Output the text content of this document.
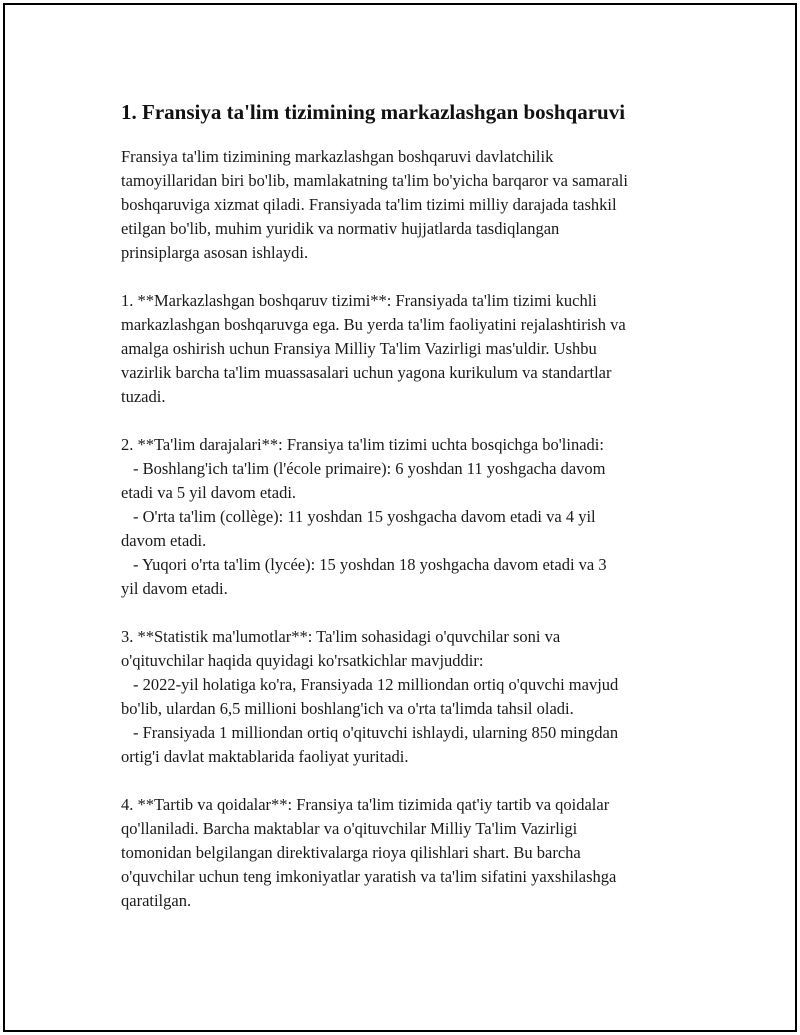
1. Fransiya ta'lim tizimining markazlashgan boshqaruvi

Fransiya ta'lim tizimining markazlashgan boshqaruvi davlatchilik
tamoyillaridan biri bo'lib, mamlakatning ta'lim bo'yicha barqaror va samarali
boshqaruviga xizmat qiladi. Fransiyada ta'lim tizimi milliy darajada tashkil
etilgan bo'lib, muhim yuridik va normativ hujjatlarda tasdiqlangan
prinsiplarga asosan ishlaydi.

1. **Markazlashgan boshqaruv tizimi**: Fransiyada ta'lim tizimi kuchli
markazlashgan boshqaruvga ega. Bu yerda ta'lim faoliyatini rejalashtirish va
amalga oshirish uchun Fransiya Milliy Ta'lim Vazirligi mas'uldir. Ushbu
vazirlik barcha ta'lim muassasalari uchun yagona kurikulum va standartlar
tuzadi.

2. **Ta'lim darajalari**: Fransiya ta'lim tizimi uchta bosqichga bo'linadi:
- Boshlang'ich ta'lim (l'école primaire): 6 yoshdan 11 yoshgacha davom
etadi va 5 yil davom etadi.
- O'rta ta'lim (collège): 11 yoshdan 15 yoshgacha davom etadi va 4 yil
davom etadi.
- Yuqori o'rta ta'lim (lycée): 15 yoshdan 18 yoshgacha davom etadi va 3
yil davom etadi.

3. **Statistik ma'lumotlar**: Ta'lim sohasidagi o'quvchilar soni va
o'qituvchilar haqida quyidagi ko'rsatkichlar mavjuddir:
- 2022-yil holatiga ko'ra, Fransiyada 12 milliondan ortiq o'quvchi mavjud
bo'lib, ulardan 6,5 millioni boshlang'ich va o'rta ta'limda tahsil oladi.
- Fransiyada 1 milliondan ortiq o'qituvchi ishlaydi, ularning 850 mingdan
ortig'i davlat maktablarida faoliyat yuritadi.

4. **Tartib va qoidalar**: Fransiya ta'lim tizimida qat'iy tartib va qoidalar
qo'llaniladi. Barcha maktablar va o'qituvchilar Milliy Ta'lim Vazirligi
tomonidan belgilangan direktivalarga rioya qilishlari shart. Bu barcha
o'quvchilar uchun teng imkoniyatlar yaratish va ta'lim sifatini yaxshilashga
qaratilgan.
